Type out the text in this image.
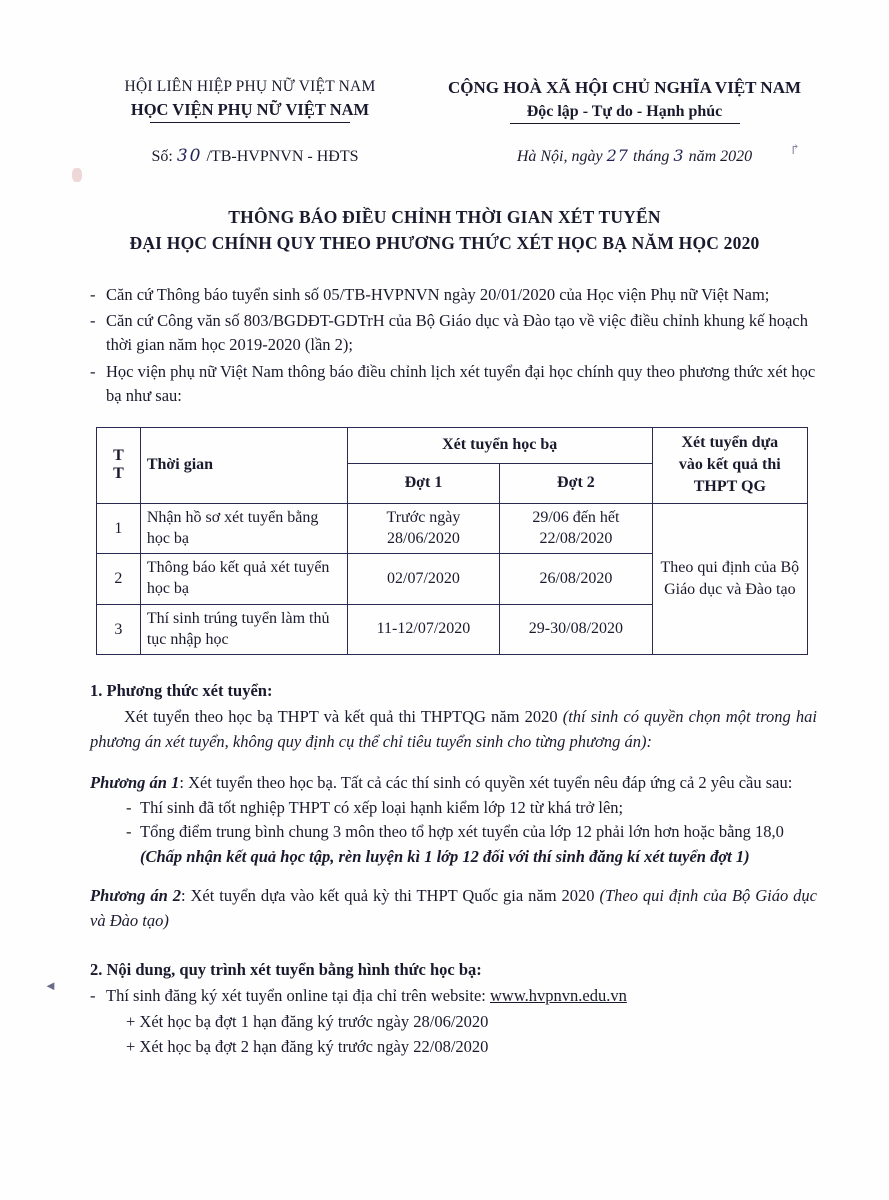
↱
◄
HỘI LIÊN HIỆP PHỤ NỮ VIỆT NAM
HỌC VIỆN PHỤ NỮ VIỆT NAM
CỘNG HOÀ XÃ HỘI CHỦ NGHĨA VIỆT NAM
Độc lập - Tự do - Hạnh phúc
Số: 30 /TB-HVPNVN - HĐTS	Hà Nội, ngày 27 tháng 3 năm 2020
THÔNG BÁO ĐIỀU CHỈNH THỜI GIAN XÉT TUYỂN
ĐẠI HỌC CHÍNH QUY THEO PHƯƠNG THỨC XÉT HỌC BẠ NĂM HỌC 2020
- Căn cứ Thông báo tuyển sinh số 05/TB-HVPNVN ngày 20/01/2020 của Học viện Phụ nữ Việt Nam;
- Căn cứ Công văn số 803/BGDĐT-GDTrH của Bộ Giáo dục và Đào tạo về việc điều chỉnh khung kế hoạch thời gian năm học 2019-2020 (lần 2);
- Học viện phụ nữ Việt Nam thông báo điều chỉnh lịch xét tuyển đại học chính quy theo phương thức xét học bạ như sau:
T
T
	Thời gian	Xét tuyển học bạ	Xét tuyển dựa
vào kết quả thi
THPT QG

		Đợt 1	Đợt 2	
1	Nhận hồ sơ xét tuyển bằng học bạ	Trước ngày 28/06/2020	29/06 đến hết 22/08/2020	Theo qui định của Bộ Giáo dục và Đào tạo
2	Thông báo kết quả xét tuyển học bạ	02/07/2020	26/08/2020	
3	Thí sinh trúng tuyển làm thủ tục nhập học	11-12/07/2020	29-30/08/2020	
1. Phương thức xét tuyển:
Xét tuyển theo học bạ THPT và kết quả thi THPTQG năm 2020 (thí sinh có quyền chọn một trong hai phương án xét tuyển, không quy định cụ thể chỉ tiêu tuyển sinh cho từng phương án):
Phương án 1: Xét tuyển theo học bạ. Tất cả các thí sinh có quyền xét tuyển nêu đáp ứng cả 2 yêu cầu sau:
- Thí sinh đã tốt nghiệp THPT có xếp loại hạnh kiểm lớp 12 từ khá trở lên;
- Tổng điểm trung bình chung 3 môn theo tổ hợp xét tuyển của lớp 12 phải lớn hơn hoặc bằng 18,0
(Chấp nhận kết quả học tập, rèn luyện kì 1 lớp 12 đối với thí sinh đăng kí xét tuyển đợt 1)
Phương án 2: Xét tuyển dựa vào kết quả kỳ thi THPT Quốc gia năm 2020 (Theo qui định của Bộ Giáo dục và Đào tạo)
2. Nội dung, quy trình xét tuyển bằng hình thức học bạ:
- Thí sinh đăng ký xét tuyển online tại địa chỉ trên website: www.hvpnvn.edu.vn
+ Xét học bạ đợt 1 hạn đăng ký trước ngày 28/06/2020
+ Xét học bạ đợt 2 hạn đăng ký trước ngày 22/08/2020
